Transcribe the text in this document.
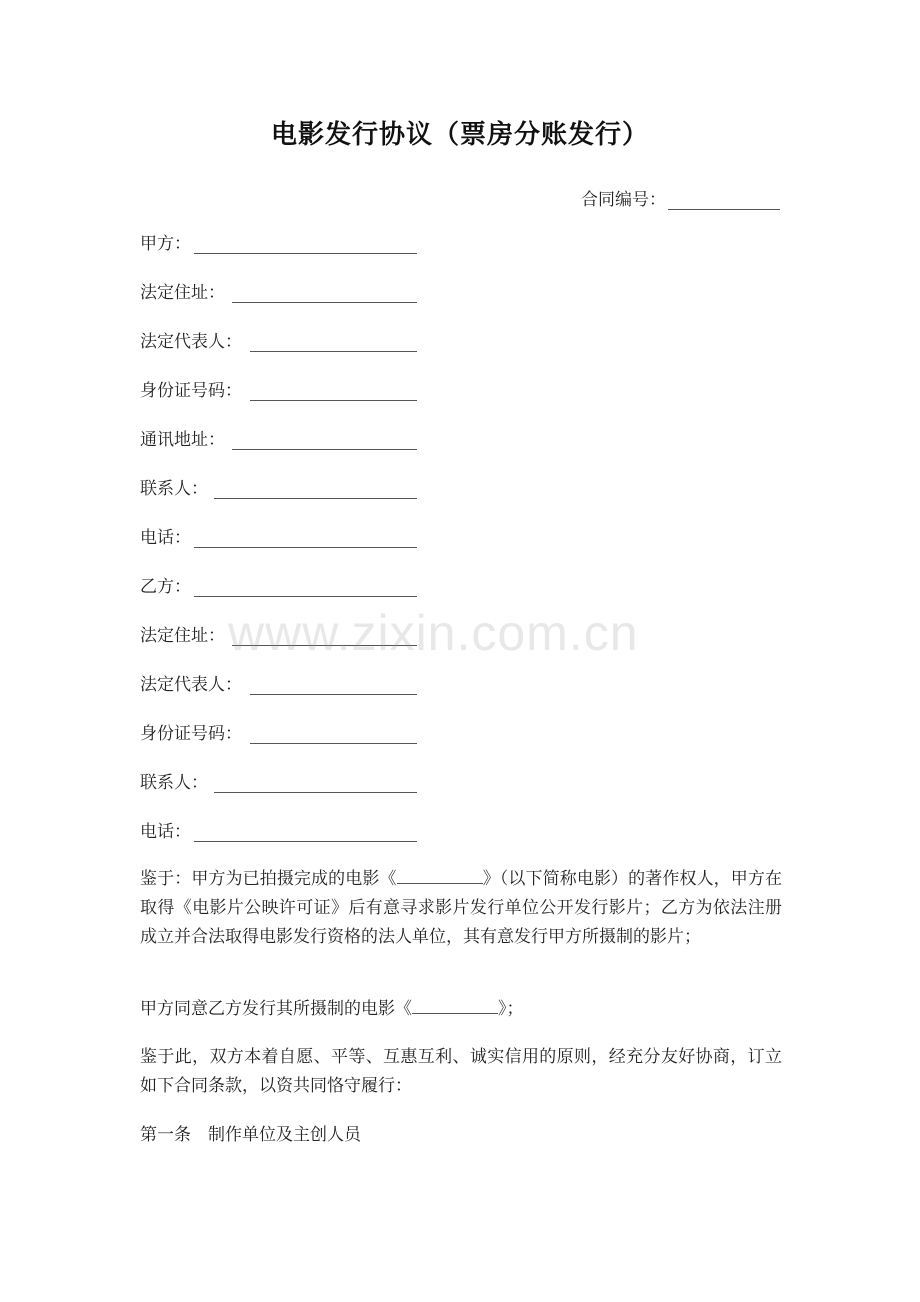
电影发行协议（票房分账发行）
合同编号：
甲方：
法定住址：
法定代表人：
身份证号码：
通讯地址：
联系人：
电话：
乙方：
法定住址：
法定代表人：
身份证号码：
联系人：
电话：
鉴于：甲方为已拍摄完成的电影《	》（以下简称电影）的著作权人，甲方在取得《电影片公映许可证》后有意寻求影片发行单位公开发行影片；乙方为依法注册成立并合法取得电影发行资格的法人单位，其有意发行甲方所摄制的影片；
甲方同意乙方发行其所摄制的电影《	》；
鉴于此，双方本着自愿、平等、互惠互利、诚实信用的原则，经充分友好协商，订立如下合同条款，以资共同恪守履行：
第一条　制作单位及主创人员
www.zixin.com.cn
